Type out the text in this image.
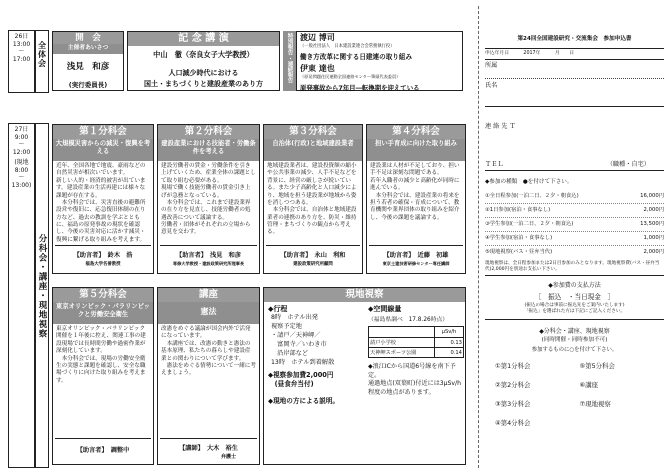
26日
13:00
〜
17:00 全体会
開　会
主催者あいさつ
浅見　和彦
(実行委員長)
記 念 講 演
中山　徹（奈良女子大学教授）
人口減少時代における
国土・まちづくりと建設産業のあり方
特別報告・連続報告 渡辺 博司
（一般社団法人　日本建設業連合会常務執行役）
働き方改革に関する日建連の取り組み
伊東 達也
（原発問題住民運動全国連絡センター筆頭代表委員）
原発事故から7年目―転換期を迎えている
27日
9:00
〜
12:00
(現地
8:00
〜
13:00)
分科会・講座・現地視察
第１分科会
大規模災害からの減災・復興を考える
近年、全国各地で地震、豪雨などの自然災害が相次いでいます。
新しい人的・経済的被害が出ています。建設産業の生活再建には様々な課題が存在する。
　本分科会では、災害直後の避難所設営や復旧に、応急復旧体制の在り方など、過去の教訓を学ぶとともに、福島の原発事故の現状を確認し、今後の災害対応に活かす減災・復興に繋げる取り組みを考えます。
【助言者】　 鈴木　浩
福島大学名誉教授
第２分科会
建設産業における技能者・労働条件を考える
建設労働者の賃金・労働条件を引き上げていくため、産業全体の課題として取り組む必要がある。
現場で働く技能労働者の賃金引き上げが急務となっている。
　本分科会では、これまで建設業界の在り方を見直し、技能労働者の処遇改善について議論する。
労働者・団体がそれぞれの立場から意見を交わす。
【助言者】　 浅見　和彦
専修大学教授・建設政策研究所理事長
第３分科会
自治体(行政)と地域建設業者
地域建設業者は、建設投資額の縮小や公共事業の減少、人手不足などを背景に、経営の厳しさが続いている。また少子高齢化と人口減少により、地域を担う建設業が地域から姿を消しつつある。
　本分科会では、自治体と地域建設業者の連携のあり方を、防災・維持管理・まちづくりの観点から考える。
【助言者】　 永山　利和
建設政策研究所顧問
第４分科会
担い手育成に向けた取り組み
建設業は人材が不足しており、担い手不足は深刻な問題である。
若年入職者の減少と高齢化が同時に進んでいる。
　本分科会では、建設産業の将来を担う若者の確保・育成について、教育機関や業界団体の取り組みを紹介し、今後の課題を議論する。
【助言者】　 近藤　初雄
東京土建技術研修センター専任講師
第５分科会
東京オリンピック・パラリンピックと労働安全衛生
東京オリンピック・パラリンピック開催を１年後に控え、関連工事の建設現場では長時間労働や過密作業が深刻化しています。
　本分科会では、現場の労働安全衛生の実態と課題を確認し、安全な職場づくりに向けた取り組みを考えます。
【助言者】　 調整中
講座
憲法
改憲をめぐる議論が国会内外で活発になっています。
　本講座では、改憲の動きと憲法の基本原理、私たちの暮らしや建設産業との関わりについて学びます。
　憲法をめぐる情勢について一緒に考えましょう。
【講師】　 大木　裕生
弁護士
現地視察
◆行程
8時　ホテル出発
視察予定地
・請戸／天神岬／
　富岡寺／いわき市
　沿岸部など
13時　ホテル到着解散
◆視察参加費2,000円
　(昼食弁当付)
◆現地の方による説明。
◆空間線量
（福島県調べ　17.8.26時点）
	μSv/h
請戸小学校	0.13
天神岬スポーツ公園	0.14
◆浪江ICから国道6号線を南下予定。
通過地点(双葉町)付近には3μSv/h程度の地点があります。
第24回全国建設研究・交流集会　参加申込書
申込年月日　　　	2017年　　　	月　　 日
所属
氏名
連 絡 先 Ｔ
ＴＥＬ	（職種・自宅）
◆参加の種類　●を付けて下さい。
①全日程参加(一泊二日、２夕・朝食込)	16,000円
②1日参加(宿泊・食事なし)	2,000円
③学生参加(一泊二日、２夕・朝食込)	13,500円
④学生参加(宿泊・食事なし)	1,000円
⑤現地視察(バス・昼弁当代)	2,000円
現地視察は、全日程参加または2日目参加のみとなります。現地視察費(バス・昼弁当代)2,000円を別途お支払い下さい。
◆参加費の支払方法
［　振込　・当日現金　］
(振込の場合は事前に振込先をご案内いたします)
「振込」を選ばれた方は下記にご記入ください。
◆分科会・講座、現地視察
(同時開催・同時参加不可)
参加するものに○を付けて下さい。
①第1分科会	⑤第5分科会
②第2分科会	⑥講座
③第3分科会	⑦現地視察
④第4分科会
